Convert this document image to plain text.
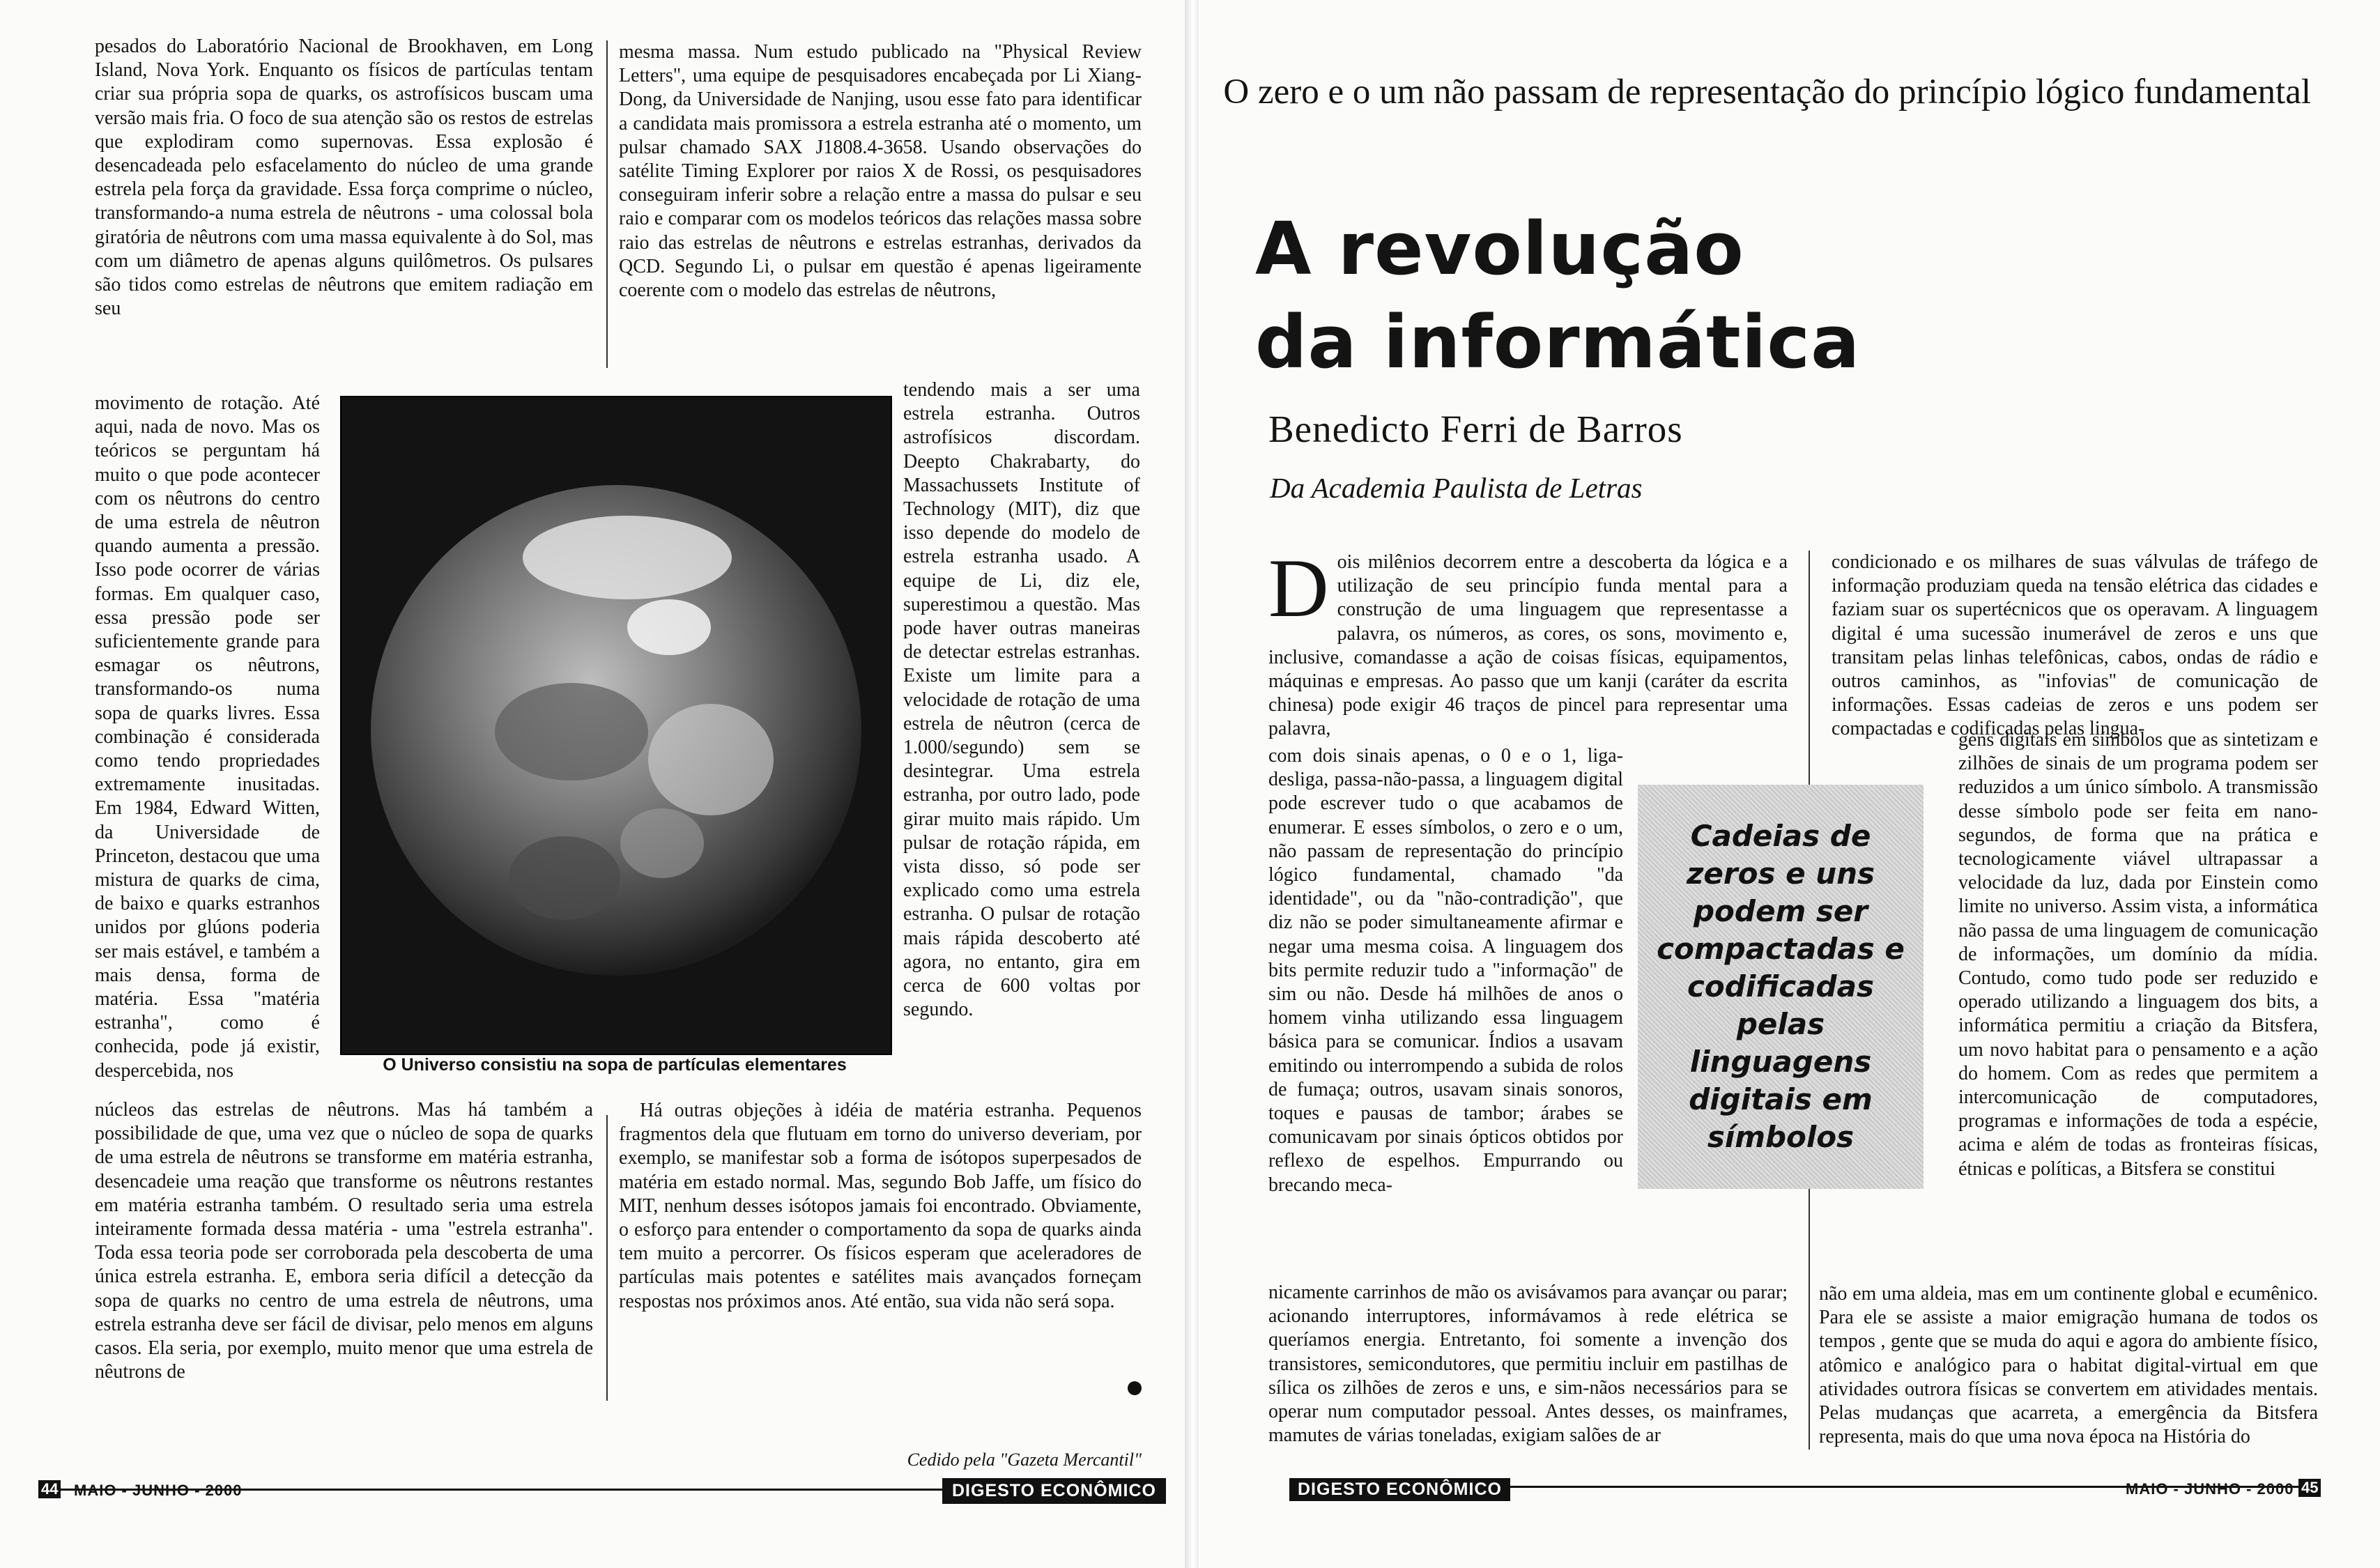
pesados do Laboratório Nacional de Brookhaven, em Long Island, Nova York. Enquanto os físicos de partículas tentam criar sua própria sopa de quarks, os astrofísicos buscam uma versão mais fria. O foco de sua atenção são os restos de estrelas que explodiram como supernovas. Essa explosão é desencadeada pelo esfacelamento do núcleo de uma grande estrela pela força da gravidade. Essa força comprime o núcleo, transformando-a numa estrela de nêutrons - uma colossal bola giratória de nêutrons com uma massa equivalente à do Sol, mas com um diâmetro de apenas alguns quilômetros. Os pulsares são tidos como estrelas de nêutrons que emitem radiação em seu

movimento de rotação. Até aqui, nada de novo. Mas os teóricos se perguntam há muito o que pode acontecer com os nêutrons do centro de uma estrela de nêutron quando aumenta a pressão. Isso pode ocorrer de várias formas. Em qualquer caso, essa pressão pode ser suficientemente grande para esmagar os nêutrons, transformando-os numa sopa de quarks livres. Essa combinação é considerada como tendo propriedades extremamente inusitadas. Em 1984, Edward Witten, da Universidade de Princeton, destacou que uma mistura de quarks de cima, de baixo e quarks estranhos unidos por glúons poderia ser mais estável, e também a mais densa, forma de matéria. Essa "matéria estranha", como é conhecida, pode já existir, despercebida, nos

núcleos das estrelas de nêutrons. Mas há também a possibilidade de que, uma vez que o núcleo de sopa de quarks de uma estrela de nêutrons se transforme em matéria estranha, desencadeie uma reação que transforme os nêutrons restantes em matéria estranha também. O resultado seria uma estrela inteiramente formada dessa matéria - uma "estrela estranha". Toda essa teoria pode ser corroborada pela descoberta de uma única estrela estranha. E, embora seria difícil a detecção da sopa de quarks no centro de uma estrela de nêutrons, uma estrela estranha deve ser fácil de divisar, pelo menos em alguns casos. Ela seria, por exemplo, muito menor que uma estrela de nêutrons de

mesma massa. Num estudo publicado na "Physical Review Letters", uma equipe de pesquisadores encabeçada por Li Xiang-Dong, da Universidade de Nanjing, usou esse fato para identificar a candidata mais promissora a estrela estranha até o momento, um pulsar chamado SAX J1808.4-3658. Usando observações do satélite Timing Explorer por raios X de Rossi, os pesquisadores conseguiram inferir sobre a relação entre a massa do pulsar e seu raio e comparar com os modelos teóricos das relações massa sobre raio das estrelas de nêutrons e estrelas estranhas, derivados da QCD. Segundo Li, o pulsar em questão é apenas ligeiramente coerente com o modelo das estrelas de nêutrons,

tendendo mais a ser uma estrela estranha. Outros astrofísicos discordam. Deepto Chakrabarty, do Massachussets Institute of Technology (MIT), diz que isso depende do modelo de estrela estranha usado. A equipe de Li, diz ele, superestimou a questão. Mas pode haver outras maneiras de detectar estrelas estranhas. Existe um limite para a velocidade de rotação de uma estrela de nêutron (cerca de 1.000/segundo) sem se desintegrar. Uma estrela estranha, por outro lado, pode girar muito mais rápido. Um pulsar de rotação rápida, em vista disso, só pode ser explicado como uma estrela estranha. O pulsar de rotação mais rápida descoberto até agora, no entanto, gira em cerca de 600 voltas por segundo.

Há outras objeções à idéia de matéria estranha. Pequenos fragmentos dela que flutuam em torno do universo deveriam, por exemplo, se manifestar sob a forma de isótopos superpesados de matéria em estado normal. Mas, segundo Bob Jaffe, um físico do MIT, nenhum desses isótopos jamais foi encontrado. Obviamente, o esforço para entender o comportamento da sopa de quarks ainda tem muito a percorrer. Os físicos esperam que aceleradores de partículas mais potentes e satélites mais avançados forneçam respostas nos próximos anos. Até então, sua vida não será sopa.

O Universo consistiu na sopa de partículas elementares
Cedido pela "Gazeta Mercantil"
44 MAIO - JUNHO - 2000	DIGESTO ECONÔMICO
O zero e o um não passam de representação do princípio lógico fundamental
A revolução
da informática
Benedicto Ferri de Barros
Da Academia Paulista de Letras
D ois milênios decorrem entre a descoberta da lógica e a utilização de seu princípio funda mental para a construção de uma linguagem que representasse a palavra, os números, as cores, os sons, movimento e, inclusive, comandasse a ação de coisas físicas, equipamentos, máquinas e empresas. Ao passo que um kanji (caráter da escrita chinesa) pode exigir 46 traços de pincel para representar uma palavra,

com dois sinais apenas, o 0 e o 1, liga-desliga, passa-não-passa, a linguagem digital pode escrever tudo o que acabamos de enumerar. E esses símbolos, o zero e o um, não passam de representação do princípio lógico fundamental, chamado "da identidade", ou da "não-contradição", que diz não se poder simultaneamente afirmar e negar uma mesma coisa. A linguagem dos bits permite reduzir tudo a "informação" de sim ou não. Desde há milhões de anos o homem vinha utilizando essa linguagem básica para se comunicar. Índios a usavam emitindo ou interrompendo a subida de rolos de fumaça; outros, usavam sinais sonoros, toques e pausas de tambor; árabes se comunicavam por sinais ópticos obtidos por reflexo de espelhos. Empurrando ou brecando meca-

nicamente carrinhos de mão os avisávamos para avançar ou parar; acionando interruptores, informávamos à rede elétrica se queríamos energia. Entretanto, foi somente a invenção dos transistores, semicondutores, que permitiu incluir em pastilhas de sílica os zilhões de zeros e uns, e sim-nãos necessários para se operar num computador pessoal. Antes desses, os mainframes, mamutes de várias toneladas, exigiam salões de ar

condicionado e os milhares de suas válvulas de tráfego de informação produziam queda na tensão elétrica das cidades e faziam suar os supertécnicos que os operavam. A linguagem digital é uma sucessão inumerável de zeros e uns que transitam pelas linhas telefônicas, cabos, ondas de rádio e outros caminhos, as "infovias" de comunicação de informações. Essas cadeias de zeros e uns podem ser compactadas e codificadas pelas lingua-

gens digitais em símbolos que as sintetizam e zilhões de sinais de um programa podem ser reduzidos a um único símbolo. A transmissão desse símbolo pode ser feita em nano-segundos, de forma que na prática e tecnologicamente viável ultrapassar a velocidade da luz, dada por Einstein como limite no universo. Assim vista, a informática não passa de uma linguagem de comunicação de informações, um domínio da mídia. Contudo, como tudo pode ser reduzido e operado utilizando a linguagem dos bits, a informática permitiu a criação da Bitsfera, um novo habitat para o pensamento e a ação do homem. Com as redes que permitem a intercomunicação de computadores, programas e informações de toda a espécie, acima e além de todas as fronteiras físicas, étnicas e políticas, a Bitsfera se constitui

não em uma aldeia, mas em um continente global e ecumênico. Para ele se assiste a maior emigração humana de todos os tempos , gente que se muda do aqui e agora do ambiente físico, atômico e analógico para o habitat digital-virtual em que atividades outrora físicas se convertem em atividades mentais. Pelas mudanças que acarreta, a emergência da Bitsfera representa, mais do que uma nova época na História do

Cadeias de zeros e uns podem ser compactadas e codificadas pelas linguagens digitais em símbolos
DIGESTO ECONÔMICO	MAIO - JUNHO - 2000 45
